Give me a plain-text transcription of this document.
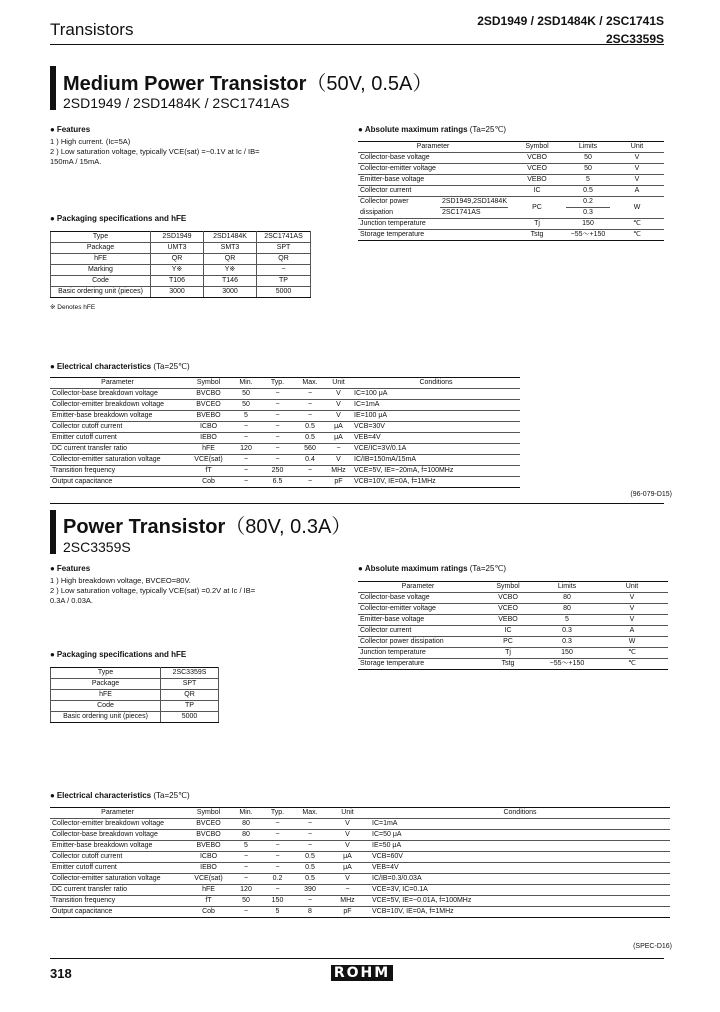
Transistors	2SD1949 / 2SD1484K / 2SC1741S
2SC3359S
Medium Power Transistor（50V, 0.5A）
2SD1949 / 2SD1484K / 2SC1741AS
● Features
1 ) High current. (Ic=5A)
2 ) Low saturation voltage, typically VCE(sat) =−0.1V at Ic / IB=
150mA / 15mA.
● Packaging specifications and hFE
Type	2SD1949	2SD1484K	2SC1741AS
Package	UMT3	SMT3	SPT
hFE	QR	QR	QR
Marking	Y※	Y※	−
Code	T106	T146	TP
Basic ordering unit (pieces)	3000	3000	5000
※ Denotes hFE
● Absolute maximum ratings (Ta=25℃)
Parameter		Symbol	Limits	Unit
Collector-base voltage		VCBO	50	V
Collector-emitter voltage		VCEO	50	V
Emitter-base voltage		VEBO	5	V
Collector current		IC	0.5	A
Collector power	2SD1949,2SD1484K	PC	0.2	W
dissipation	2SC1741AS		0.3	
Junction temperature		Tj	150	℃
Storage temperature		Tstg	−55〜+150	℃
● Electrical characteristics (Ta=25℃)
Parameter	Symbol	Min.	Typ.	Max.	Unit	Conditions
Collector-base breakdown voltage	BVCBO	50	−	−	V	IC=100 μA
Collector-emitter breakdown voltage	BVCEO	50	−	−	V	IC=1mA
Emitter-base breakdown voltage	BVEBO	5	−	−	V	IE=100 μA
Collector cutoff current	ICBO	−	−	0.5	μA	VCB=30V
Emitter cutoff current	IEBO	−	−	0.5	μA	VEB=4V
DC current transfer ratio	hFE	120	−	560	−	VCE/IC=3V/0.1A
Collector-emitter saturation voltage	VCE(sat)	−	−	0.4	V	IC/IB=150mA/15mA
Transition frequency	fT	−	250	−	MHz	VCE=5V, IE=−20mA, f=100MHz
Output capacitance	Cob	−	6.5	−	pF	VCB=10V, IE=0A, f=1MHz
(96-079-D15)
Power Transistor（80V, 0.3A）
2SC3359S
● Features
1 ) High breakdown voltage, BVCEO=80V.
2 ) Low saturation voltage, typically VCE(sat) =0.2V at Ic / IB=
0.3A / 0.03A.
● Packaging specifications and hFE
Type	2SC3359S
Package	SPT
hFE	QR
Code	TP
Basic ordering unit (pieces)	5000
● Absolute maximum ratings (Ta=25℃)
Parameter	Symbol	Limits	Unit
Collector-base voltage	VCBO	80	V
Collector-emitter voltage	VCEO	80	V
Emitter-base voltage	VEBO	5	V
Collector current	IC	0.3	A
Collector power dissipation	PC	0.3	W
Junction temperature	Tj	150	℃
Storage temperature	Tstg	−55〜+150	℃
● Electrical characteristics (Ta=25℃)
Parameter	Symbol	Min.	Typ.	Max.	Unit	Conditions
Collector-emitter breakdown voltage	BVCEO	80	−	−	V	IC=1mA
Collector-base breakdown voltage	BVCBO	80	−	−	V	IC=50 μA
Emitter-base breakdown voltage	BVEBO	5	−	−	V	IE=50 μA
Collector cutoff current	ICBO	−	−	0.5	μA	VCB=60V
Emitter cutoff current	IEBO	−	−	0.5	μA	VEB=4V
Collector-emitter saturation voltage	VCE(sat)	−	0.2	0.5	V	IC/IB=0.3/0.03A
DC current transfer ratio	hFE	120	−	390	−	VCE=3V, IC=0.1A
Transition frequency	fT	50	150	−	MHz	VCE=5V, IE=−0.01A, f=100MHz
Output capacitance	Cob	−	5	8	pF	VCB=10V, IE=0A, f=1MHz
(SPEC-D16)
318	ROHM
